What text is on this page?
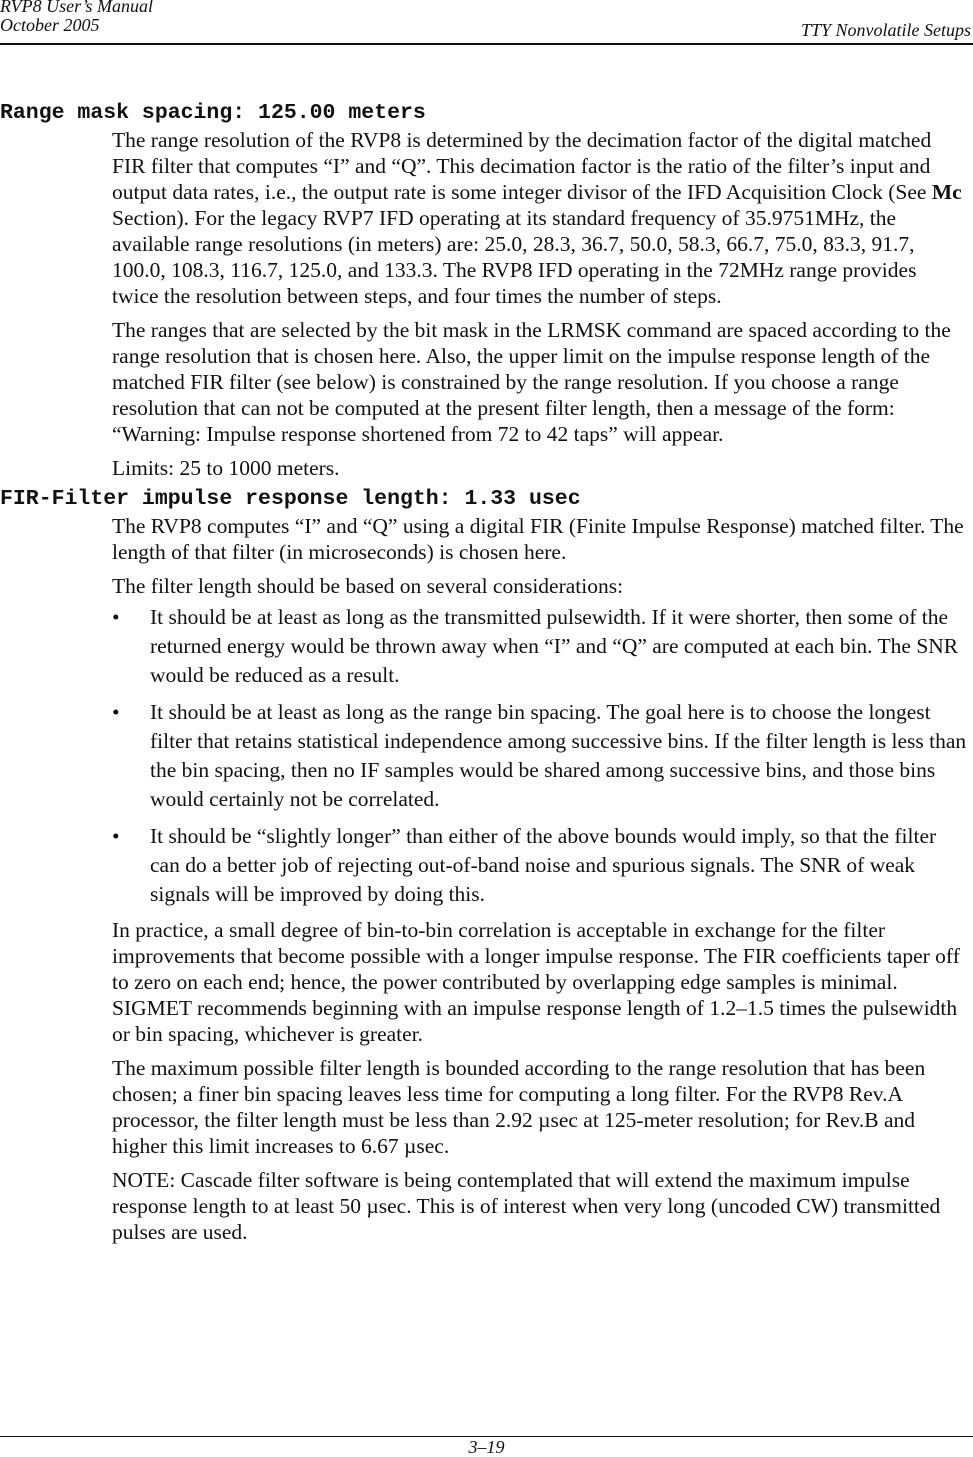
RVP8 User’s Manual
October 2005	TTY Nonvolatile Setups
Range mask spacing: 125.00 meters

The range resolution of the RVP8 is determined by the decimation factor of the digital matched FIR filter that computes “I” and “Q”. This decimation factor is the ratio of the filter’s input and output data rates, i.e., the output rate is some integer divisor of the IFD Acquisition Clock (See Mc Section). For the legacy RVP7 IFD operating at its standard frequency of 35.9751MHz, the available range resolutions (in meters) are: 25.0, 28.3, 36.7, 50.0, 58.3, 66.7, 75.0, 83.3, 91.7, 100.0, 108.3, 116.7, 125.0, and 133.3. The RVP8 IFD operating in the 72MHz range provides twice the resolution between steps, and four times the number of steps.

The ranges that are selected by the bit mask in the LRMSK command are spaced according to the range resolution that is chosen here. Also, the upper limit on the impulse response length of the matched FIR filter (see below) is constrained by the range resolution. If you choose a range resolution that can not be computed at the present filter length, then a message of the form: “Warning: Impulse response shortened from 72 to 42 taps” will appear.

Limits: 25 to 1000 meters.

FIR-Filter impulse response length: 1.33 usec

The RVP8 computes “I” and “Q” using a digital FIR (Finite Impulse Response) matched filter. The length of that filter (in microseconds) is chosen here.

The filter length should be based on several considerations:

• It should be at least as long as the transmitted pulsewidth. If it were shorter, then some of the returned energy would be thrown away when “I” and “Q” are computed at each bin. The SNR would be reduced as a result.
• It should be at least as long as the range bin spacing. The goal here is to choose the longest filter that retains statistical independence among successive bins. If the filter length is less than the bin spacing, then no IF samples would be shared among successive bins, and those bins would certainly not be correlated.
• It should be “slightly longer” than either of the above bounds would imply, so that the filter can do a better job of rejecting out-of-band noise and spurious signals. The SNR of weak signals will be improved by doing this.

In practice, a small degree of bin-to-bin correlation is acceptable in exchange for the filter improvements that become possible with a longer impulse response. The FIR coefficients taper off to zero on each end; hence, the power contributed by overlapping edge samples is minimal. SIGMET recommends beginning with an impulse response length of 1.2–1.5 times the pulsewidth or bin spacing, whichever is greater.

The maximum possible filter length is bounded according to the range resolution that has been chosen; a finer bin spacing leaves less time for computing a long filter. For the RVP8 Rev.A processor, the filter length must be less than 2.92 µsec at 125-meter resolution; for Rev.B and higher this limit increases to 6.67 µsec.

NOTE: Cascade filter software is being contemplated that will extend the maximum impulse response length to at least 50 µsec. This is of interest when very long (uncoded CW) transmitted pulses are used.

3–19
